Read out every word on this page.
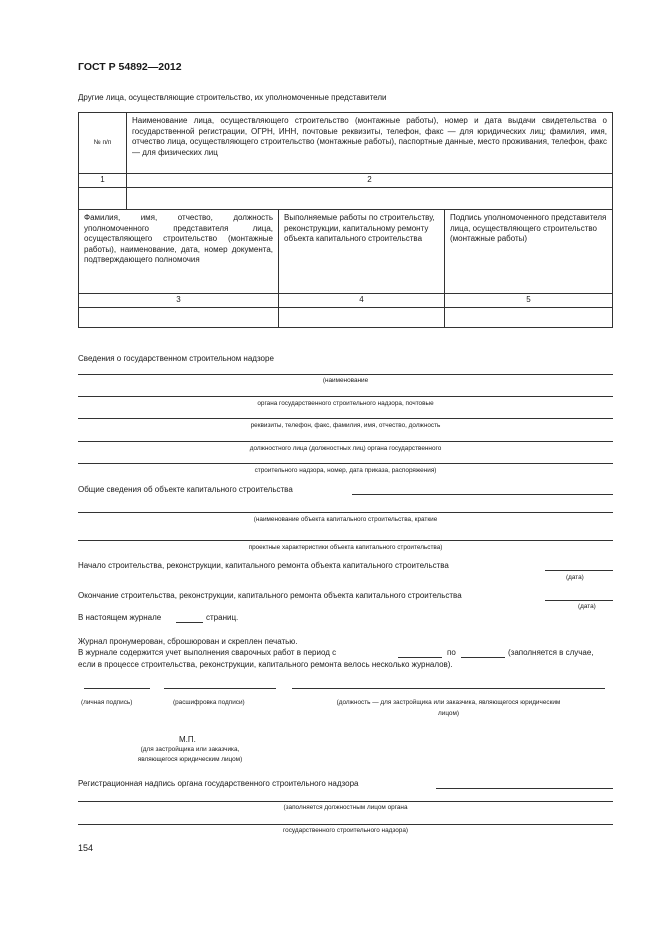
ГОСТ Р 54892—2012
Другие лица, осуществляющие строительство, их уполномоченные представители
№ п/п	Наименование лица, осуществляющего строительство (монтажные работы), номер и дата выдачи свидетельства о государственной регистрации, ОГРН, ИНН, почтовые реквизиты, телефон, факс — для юридических лиц; фамилия, имя, отчество лица, осуществляющего строительство (монтажные работы), паспортные данные, место проживания, телефон, факс — для физических лиц
1	2

Фамилия, имя, отчество, должность уполномоченного представителя лица, осуществляющего строительство (монтажные работы), наименование, дата, номер документа, подтверждающего полномочия	Выполняемые работы по строительству, реконструкции, капитальному ремонту объекта капитального строительства	Подпись уполномоченного представителя лица, осуществляющего строительство (монтажные работы)
3	4	5

Сведения о государственном строительном надзоре
(наименование
органа государственного строительного надзора, почтовые
реквизиты, телефон, факс, фамилия, имя, отчество, должность
должностного лица (должностных лиц) органа государственного
строительного надзора, номер, дата приказа, распоряжения)
Общие сведения об объекте капитального строительства
(наименование объекта капитального строительства, краткие
проектные характеристики объекта капитального строительства)
Начало строительства, реконструкции, капитального ремонта объекта капитального строительства
(дата)
Окончание строительства, реконструкции, капитального ремонта объекта капитального строительства
(дата)
В настоящем журнале	страниц.
Журнал пронумерован, сброшюрован и скреплен печатью.
В журнале содержится учет выполнения сварочных работ в период с	по	(заполняется в случае,
если в процессе строительства, реконструкции, капитального ремонта велось несколько журналов).
(личная подпись)	(расшифровка подписи)	(должность — для застройщика или заказчика, являющегося юридическим
лицом)
М.П.
(для застройщика или заказчика,
являющегося юридическим лицом)
Регистрационная надпись органа государственного строительного надзора
(заполняется должностным лицом органа
государственного строительного надзора)
154
